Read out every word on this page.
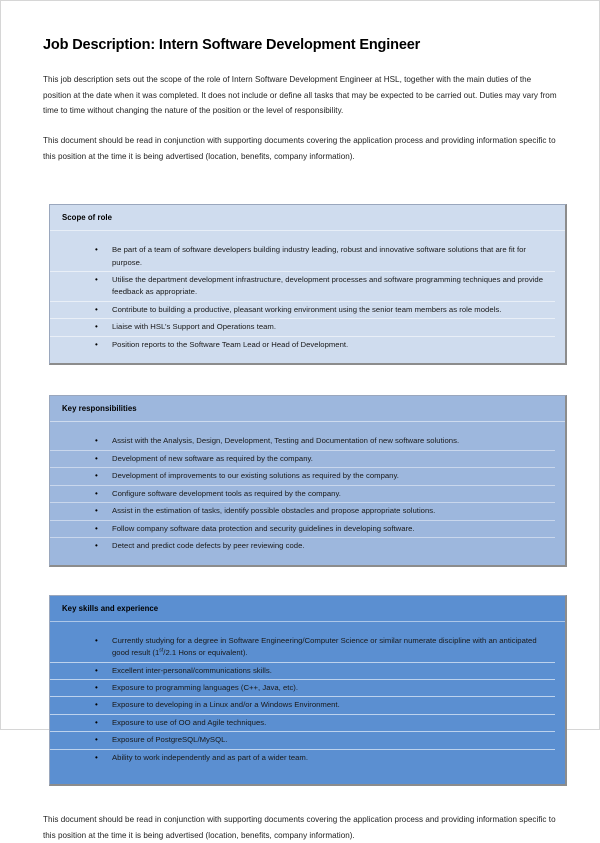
Job Description: Intern Software Development Engineer

This job description sets out the scope of the role of Intern Software Development Engineer at HSL, together with the main duties of the position at the date when it was completed. It does not include or define all tasks that may be expected to be carried out. Duties may vary from time to time without changing the nature of the position or the level of responsibility.

This document should be read in conjunction with supporting documents covering the application process and providing information specific to this position at the time it is being advertised (location, benefits, company information).

Scope of role
• Be part of a team of software developers building industry leading, robust and innovative software solutions that are fit for purpose.
• Utilise the department development infrastructure, development processes and software programming techniques and provide feedback as appropriate.
• Contribute to building a productive, pleasant working environment using the senior team members as role models.
• Liaise with HSL’s Support and Operations team.
• Position reports to the Software Team Lead or Head of Development.
Key responsibilities
• Assist with the Analysis, Design, Development, Testing and Documentation of new software solutions.
• Development of new software as required by the company.
• Development of improvements to our existing solutions as required by the company.
• Configure software development tools as required by the company.
• Assist in the estimation of tasks, identify possible obstacles and propose appropriate solutions.
• Follow company software data protection and security guidelines in developing software.
• Detect and predict code defects by peer reviewing code.
Key skills and experience
• Currently studying for a degree in Software Engineering/Computer Science or similar numerate discipline with an anticipated good result (1st/2.1 Hons or equivalent).
• Excellent inter-personal/communications skills.
• Exposure to programming languages (C++, Java, etc).
• Exposure to developing in a Linux and/or a Windows Environment.
• Exposure to use of OO and Agile techniques.
• Exposure of PostgreSQL/MySQL.
• Ability to work independently and as part of a wider team.

This document should be read in conjunction with supporting documents covering the application process and providing information specific to this position at the time it is being advertised (location, benefits, company information).
